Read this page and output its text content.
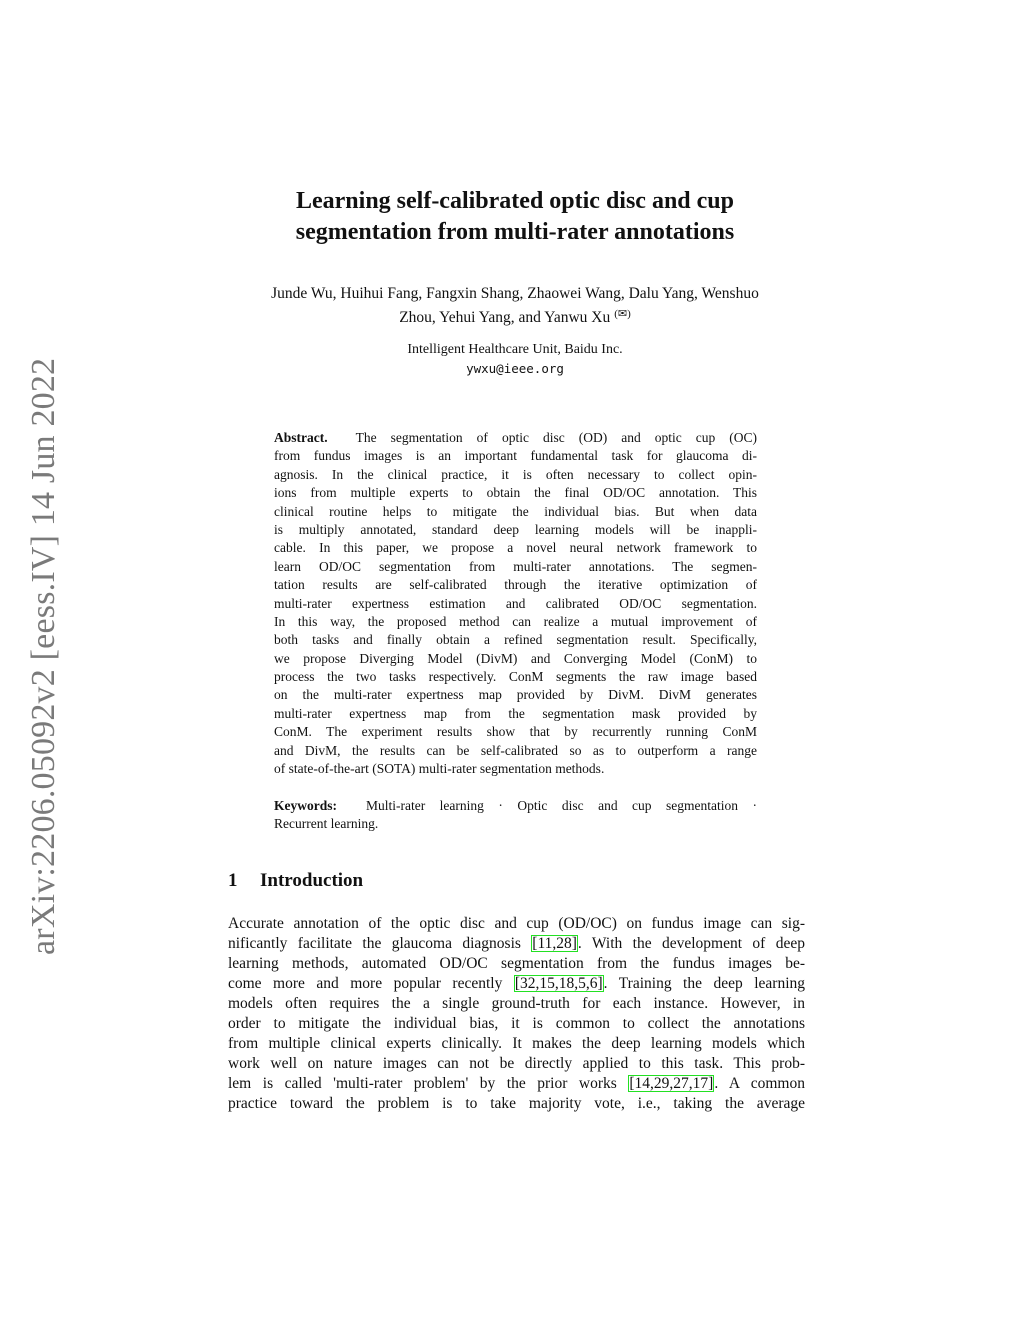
arXiv:2206.05092v2 [eess.IV] 14 Jun 2022
Learning self-calibrated optic disc and cup
segmentation from multi-rater annotations
Junde Wu, Huihui Fang, Fangxin Shang, Zhaowei Wang, Dalu Yang, Wenshuo
Zhou, Yehui Yang, and Yanwu Xu (✉)
Intelligent Healthcare Unit, Baidu Inc.
ywxu@ieee.org
Abstract. The segmentation of optic disc (OD) and optic cup (OC)
from fundus images is an important fundamental task for glaucoma di-
agnosis. In the clinical practice, it is often necessary to collect opin-
ions from multiple experts to obtain the final OD/OC annotation. This
clinical routine helps to mitigate the individual bias. But when data
is multiply annotated, standard deep learning models will be inappli-
cable. In this paper, we propose a novel neural network framework to
learn OD/OC segmentation from multi-rater annotations. The segmen-
tation results are self-calibrated through the iterative optimization of
multi-rater expertness estimation and calibrated OD/OC segmentation.
In this way, the proposed method can realize a mutual improvement of
both tasks and finally obtain a refined segmentation result. Specifically,
we propose Diverging Model (DivM) and Converging Model (ConM) to
process the two tasks respectively. ConM segments the raw image based
on the multi-rater expertness map provided by DivM. DivM generates
multi-rater expertness map from the segmentation mask provided by
ConM. The experiment results show that by recurrently running ConM
and DivM, the results can be self-calibrated so as to outperform a range
of state-of-the-art (SOTA) multi-rater segmentation methods.
Keywords: Multi-rater learning · Optic disc and cup segmentation ·
Recurrent learning.
1 Introduction
Accurate annotation of the optic disc and cup (OD/OC) on fundus image can sig-
nificantly facilitate the glaucoma diagnosis [11,28]. With the development of deep
learning methods, automated OD/OC segmentation from the fundus images be-
come more and more popular recently [32,15,18,5,6]. Training the deep learning
models often requires the a single ground-truth for each instance. However, in
order to mitigate the individual bias, it is common to collect the annotations
from multiple clinical experts clinically. It makes the deep learning models which
work well on nature images can not be directly applied to this task. This prob-
lem is called 'multi-rater problem' by the prior works [14,29,27,17]. A common
practice toward the problem is to take majority vote, i.e., taking the average
